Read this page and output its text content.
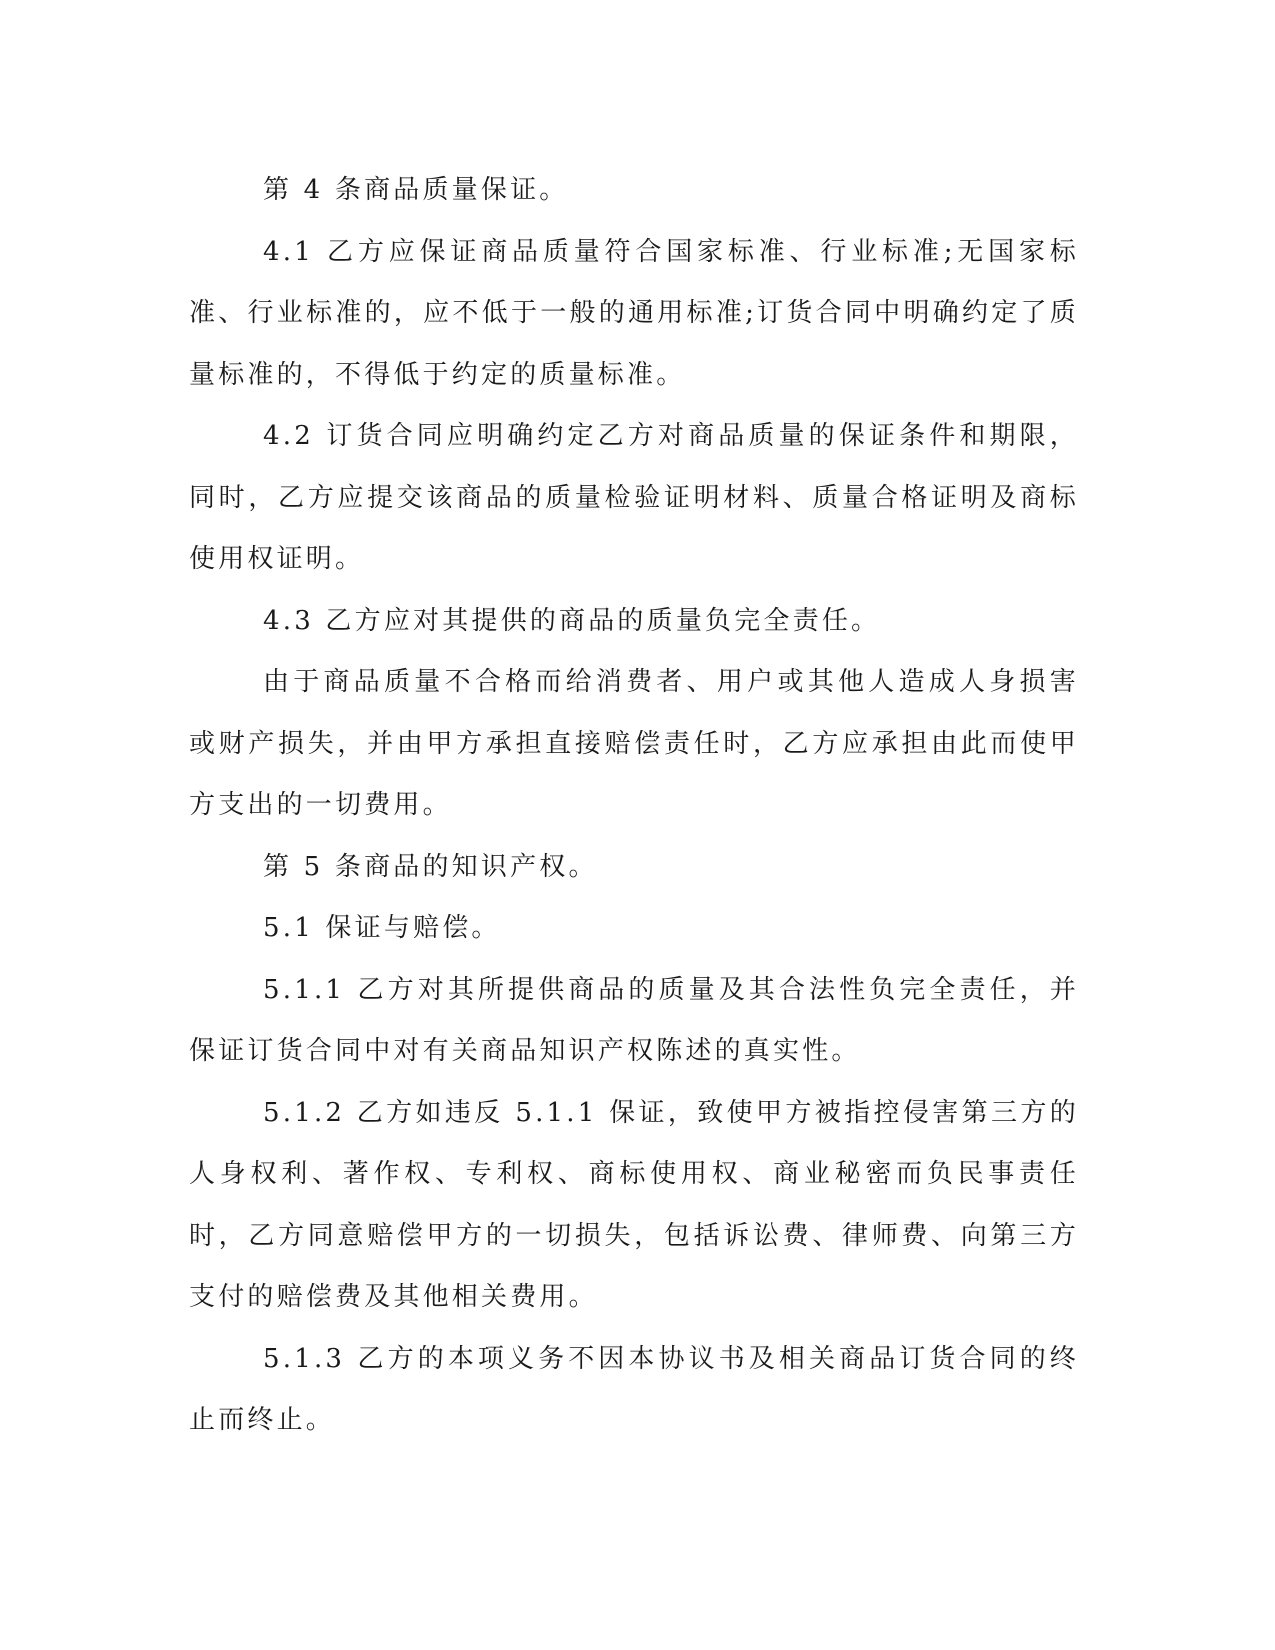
第 4 条商品质量保证。

4.1 乙方应保证商品质量符合国家标准、行业标准;无国家标准、行业标准的，应不低于一般的通用标准;订货合同中明确约定了质量标准的，不得低于约定的质量标准。

4.2 订货合同应明确约定乙方对商品质量的保证条件和期限，同时，乙方应提交该商品的质量检验证明材料、质量合格证明及商标使用权证明。

4.3 乙方应对其提供的商品的质量负完全责任。

由于商品质量不合格而给消费者、用户或其他人造成人身损害或财产损失，并由甲方承担直接赔偿责任时，乙方应承担由此而使甲方支出的一切费用。

第 5 条商品的知识产权。

5.1 保证与赔偿。

5.1.1 乙方对其所提供商品的质量及其合法性负完全责任，并保证订货合同中对有关商品知识产权陈述的真实性。

5.1.2 乙方如违反 5.1.1 保证，致使甲方被指控侵害第三方的人身权利、著作权、专利权、商标使用权、商业秘密而负民事责任时，乙方同意赔偿甲方的一切损失，包括诉讼费、律师费、向第三方支付的赔偿费及其他相关费用。

5.1.3 乙方的本项义务不因本协议书及相关商品订货合同的终止而终止。
